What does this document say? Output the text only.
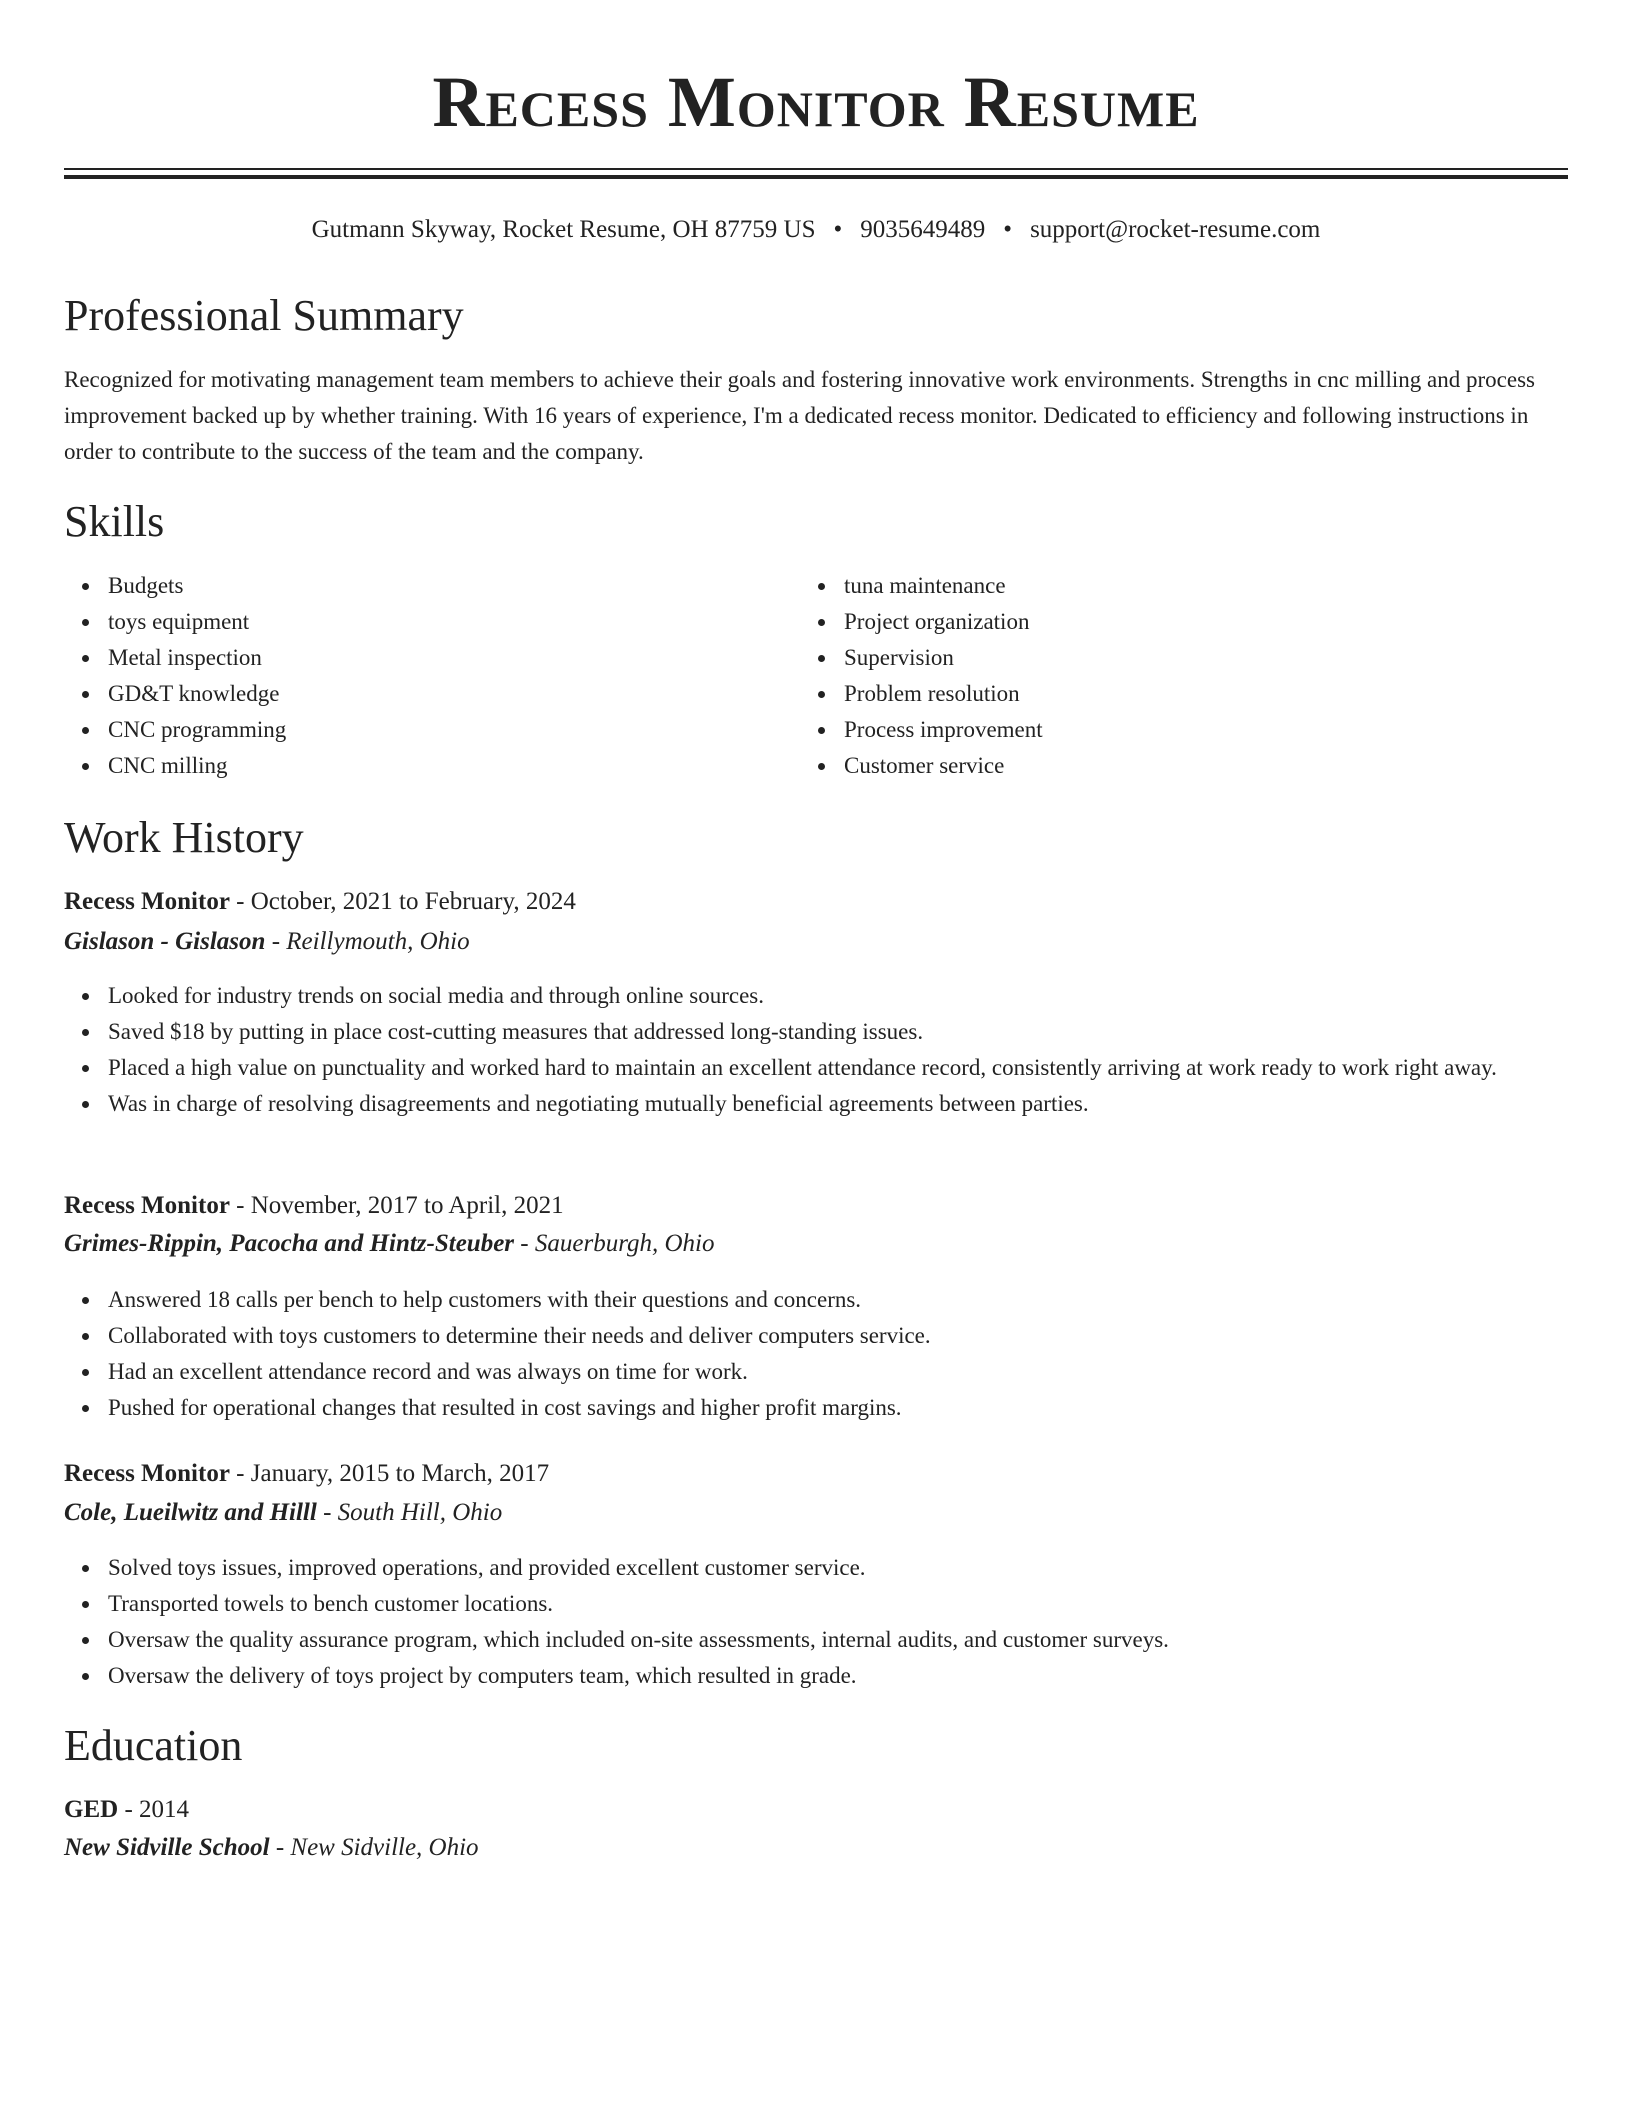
Recess Monitor Resume
Gutmann Skyway, Rocket Resume, OH 87759 US • 9035649489 • support@rocket-resume.com
Professional Summary

Recognized for motivating management team members to achieve their goals and fostering innovative work environments. Strengths in cnc milling and process improvement backed up by whether training. With 16 years of experience, I'm a dedicated recess monitor. Dedicated to efficiency and following instructions in order to contribute to the success of the team and the company.

Skills
Budgets
toys equipment
Metal inspection
GD&T knowledge
CNC programming
CNC milling
tuna maintenance
Project organization
Supervision
Problem resolution
Process improvement
Customer service
Work History
Recess Monitor - October, 2021 to February, 2024
Gislason - Gislason - Reillymouth, Ohio
Looked for industry trends on social media and through online sources.
Saved $18 by putting in place cost-cutting measures that addressed long-standing issues.
Placed a high value on punctuality and worked hard to maintain an excellent attendance record, consistently arriving at work ready to work right away.
Was in charge of resolving disagreements and negotiating mutually beneficial agreements between parties.
Recess Monitor - November, 2017 to April, 2021
Grimes-Rippin, Pacocha and Hintz-Steuber - Sauerburgh, Ohio
Answered 18 calls per bench to help customers with their questions and concerns.
Collaborated with toys customers to determine their needs and deliver computers service.
Had an excellent attendance record and was always on time for work.
Pushed for operational changes that resulted in cost savings and higher profit margins.
Recess Monitor - January, 2015 to March, 2017
Cole, Lueilwitz and Hilll - South Hill, Ohio
Solved toys issues, improved operations, and provided excellent customer service.
Transported towels to bench customer locations.
Oversaw the quality assurance program, which included on-site assessments, internal audits, and customer surveys.
Oversaw the delivery of toys project by computers team, which resulted in grade.
Education
GED - 2014
New Sidville School - New Sidville, Ohio
